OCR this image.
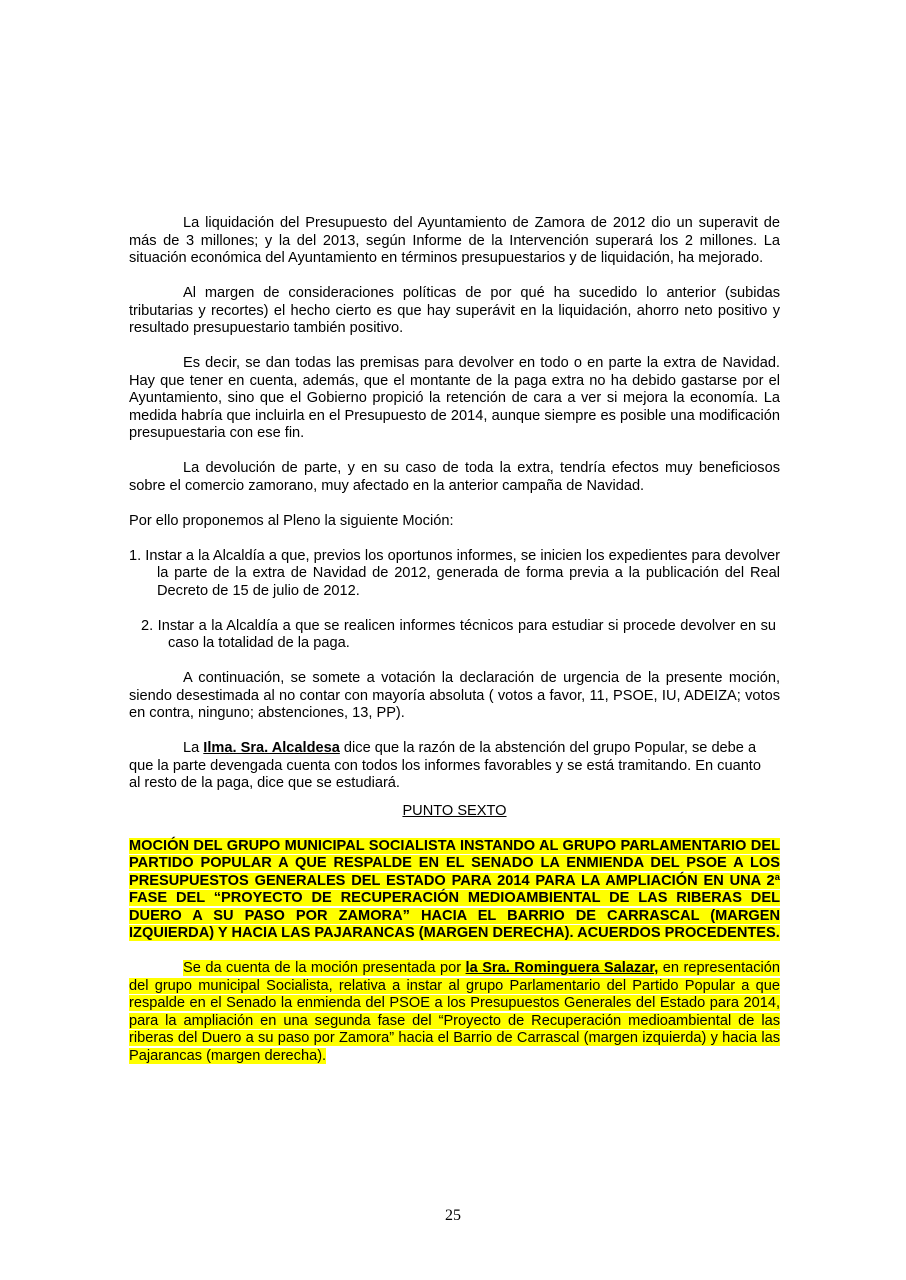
La liquidación del Presupuesto del Ayuntamiento de Zamora de 2012 dio un superavit de más de 3 millones; y la del 2013, según Informe de la Intervención superará los 2 millones. La situación económica del Ayuntamiento en términos presupuestarios y de liquidación, ha mejorado.

Al margen de consideraciones políticas de por qué ha sucedido lo anterior (subidas tributarias y recortes) el hecho cierto es que hay superávit en la liquidación, ahorro neto positivo y resultado presupuestario también positivo.

Es decir, se dan todas las premisas para devolver en todo o en parte la extra de Navidad. Hay que tener en cuenta, además, que el montante de la paga extra no ha debido gastarse por el Ayuntamiento, sino que el Gobierno propició la retención de cara a ver si mejora la economía. La medida habría que incluirla en el Presupuesto de 2014, aunque siempre es posible una modificación presupuestaria con ese fin.

La devolución de parte, y en su caso de toda la extra, tendría efectos muy beneficiosos sobre el comercio zamorano, muy afectado en la anterior campaña de Navidad.

Por ello proponemos al Pleno la siguiente Moción:

1. Instar a la Alcaldía a que, previos los oportunos informes, se inicien los expedientes para devolver la parte de la extra de Navidad de 2012, generada de forma previa a la publicación del Real Decreto de 15 de julio de 2012.

2. Instar a la Alcaldía a que se realicen informes técnicos para estudiar si procede devolver en su caso la totalidad de la paga.

A continuación, se somete a votación la declaración de urgencia de la presente moción, siendo desestimada al no contar con mayoría absoluta ( votos a favor, 11, PSOE, IU, ADEIZA; votos en contra, ninguno; abstenciones, 13, PP).

La Ilma. Sra. Alcaldesa dice que la razón de la abstención del grupo Popular, se debe a que la parte devengada cuenta con todos los informes favorables y se está tramitando. En cuanto al resto de la paga, dice que se estudiará.

PUNTO SEXTO

MOCIÓN DEL GRUPO MUNICIPAL SOCIALISTA INSTANDO AL GRUPO PARLAMENTARIO DEL PARTIDO POPULAR A QUE RESPALDE EN EL SENADO LA ENMIENDA DEL PSOE A LOS PRESUPUESTOS GENERALES DEL ESTADO PARA 2014 PARA LA AMPLIACIÓN EN UNA 2ª FASE DEL “PROYECTO DE RECUPERACIÓN MEDIOAMBIENTAL DE LAS RIBERAS DEL DUERO A SU PASO POR ZAMORA” HACIA EL BARRIO DE CARRASCAL (MARGEN IZQUIERDA) Y HACIA LAS PAJARANCAS (MARGEN DERECHA). ACUERDOS PROCEDENTES.

Se da cuenta de la moción presentada por la Sra. Rominguera Salazar, en representación del grupo municipal Socialista, relativa a instar al grupo Parlamentario del Partido Popular a que respalde en el Senado la enmienda del PSOE a los Presupuestos Generales del Estado para 2014, para la ampliación en una segunda fase del “Proyecto de Recuperación medioambiental de las riberas del Duero a su paso por Zamora” hacia el Barrio de Carrascal (margen izquierda) y hacia las Pajarancas (margen derecha).

25
